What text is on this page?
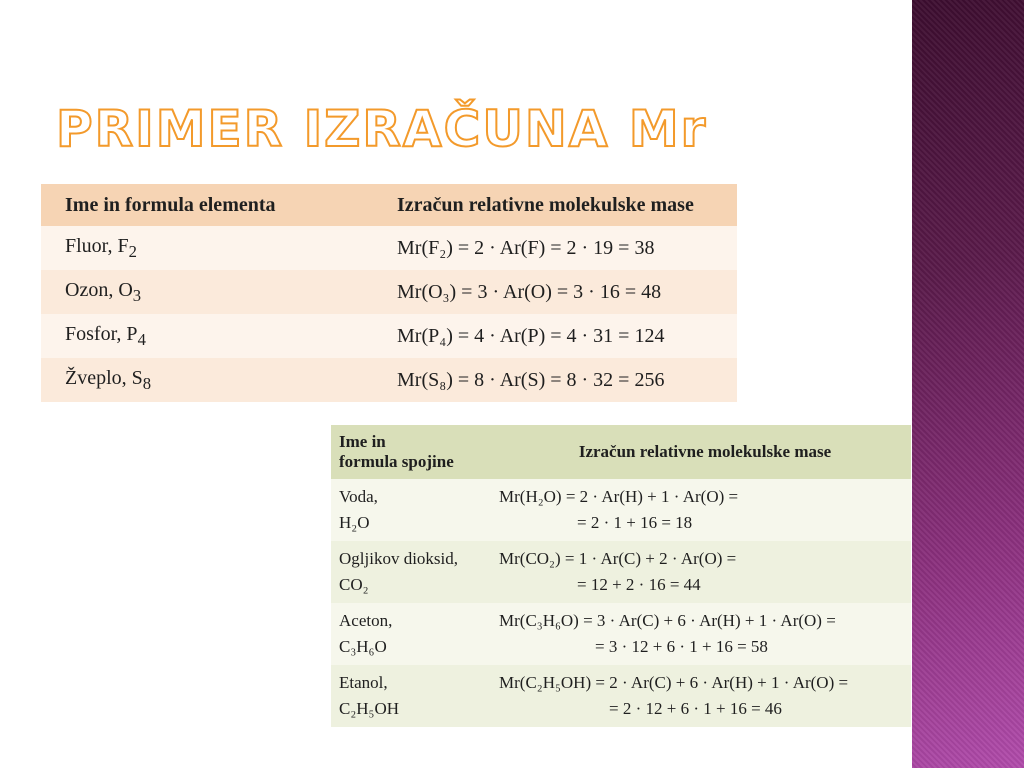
PRIMER IZRAČUNA Mr
Ime in formula elementa	Izračun relativne molekulske mase
Fluor, $F_2$	Mr(F₂) = 2 · Ar(F) = 2 · 19 = 38
Ozon, $O_3$	Mr(O₃) = 3 · Ar(O) = 3 · 16 = 48
Fosfor, $P_4$	Mr(P₄) = 4 · Ar(P) = 4 · 31 = 124
Žveplo, $S_8$	Mr(S₈) = 8 · Ar(S) = 8 · 32 = 256
Ime in
formula spojine	Izračun relativne molekulske mase

Voda,
H₂O	Mr(H₂O) = 2 · Ar(H) + 1 · Ar(O) =
= 2 · 1 + 16 = 18

Ogljikov dioksid,
CO₂	Mr(CO₂) = 1 · Ar(C) + 2 · Ar(O) =
= 12 + 2 · 16 = 44

Aceton,
C₃H₆O	Mr(C₃H₆O) = 3 · Ar(C) + 6 · Ar(H) + 1 · Ar(O) =
= 3 · 12 + 6 · 1 + 16 = 58

Etanol,
C₂H₅OH	Mr(C₂H₅OH) = 2 · Ar(C) + 6 · Ar(H) + 1 · Ar(O) =
= 2 · 12 + 6 · 1 + 16 = 46
